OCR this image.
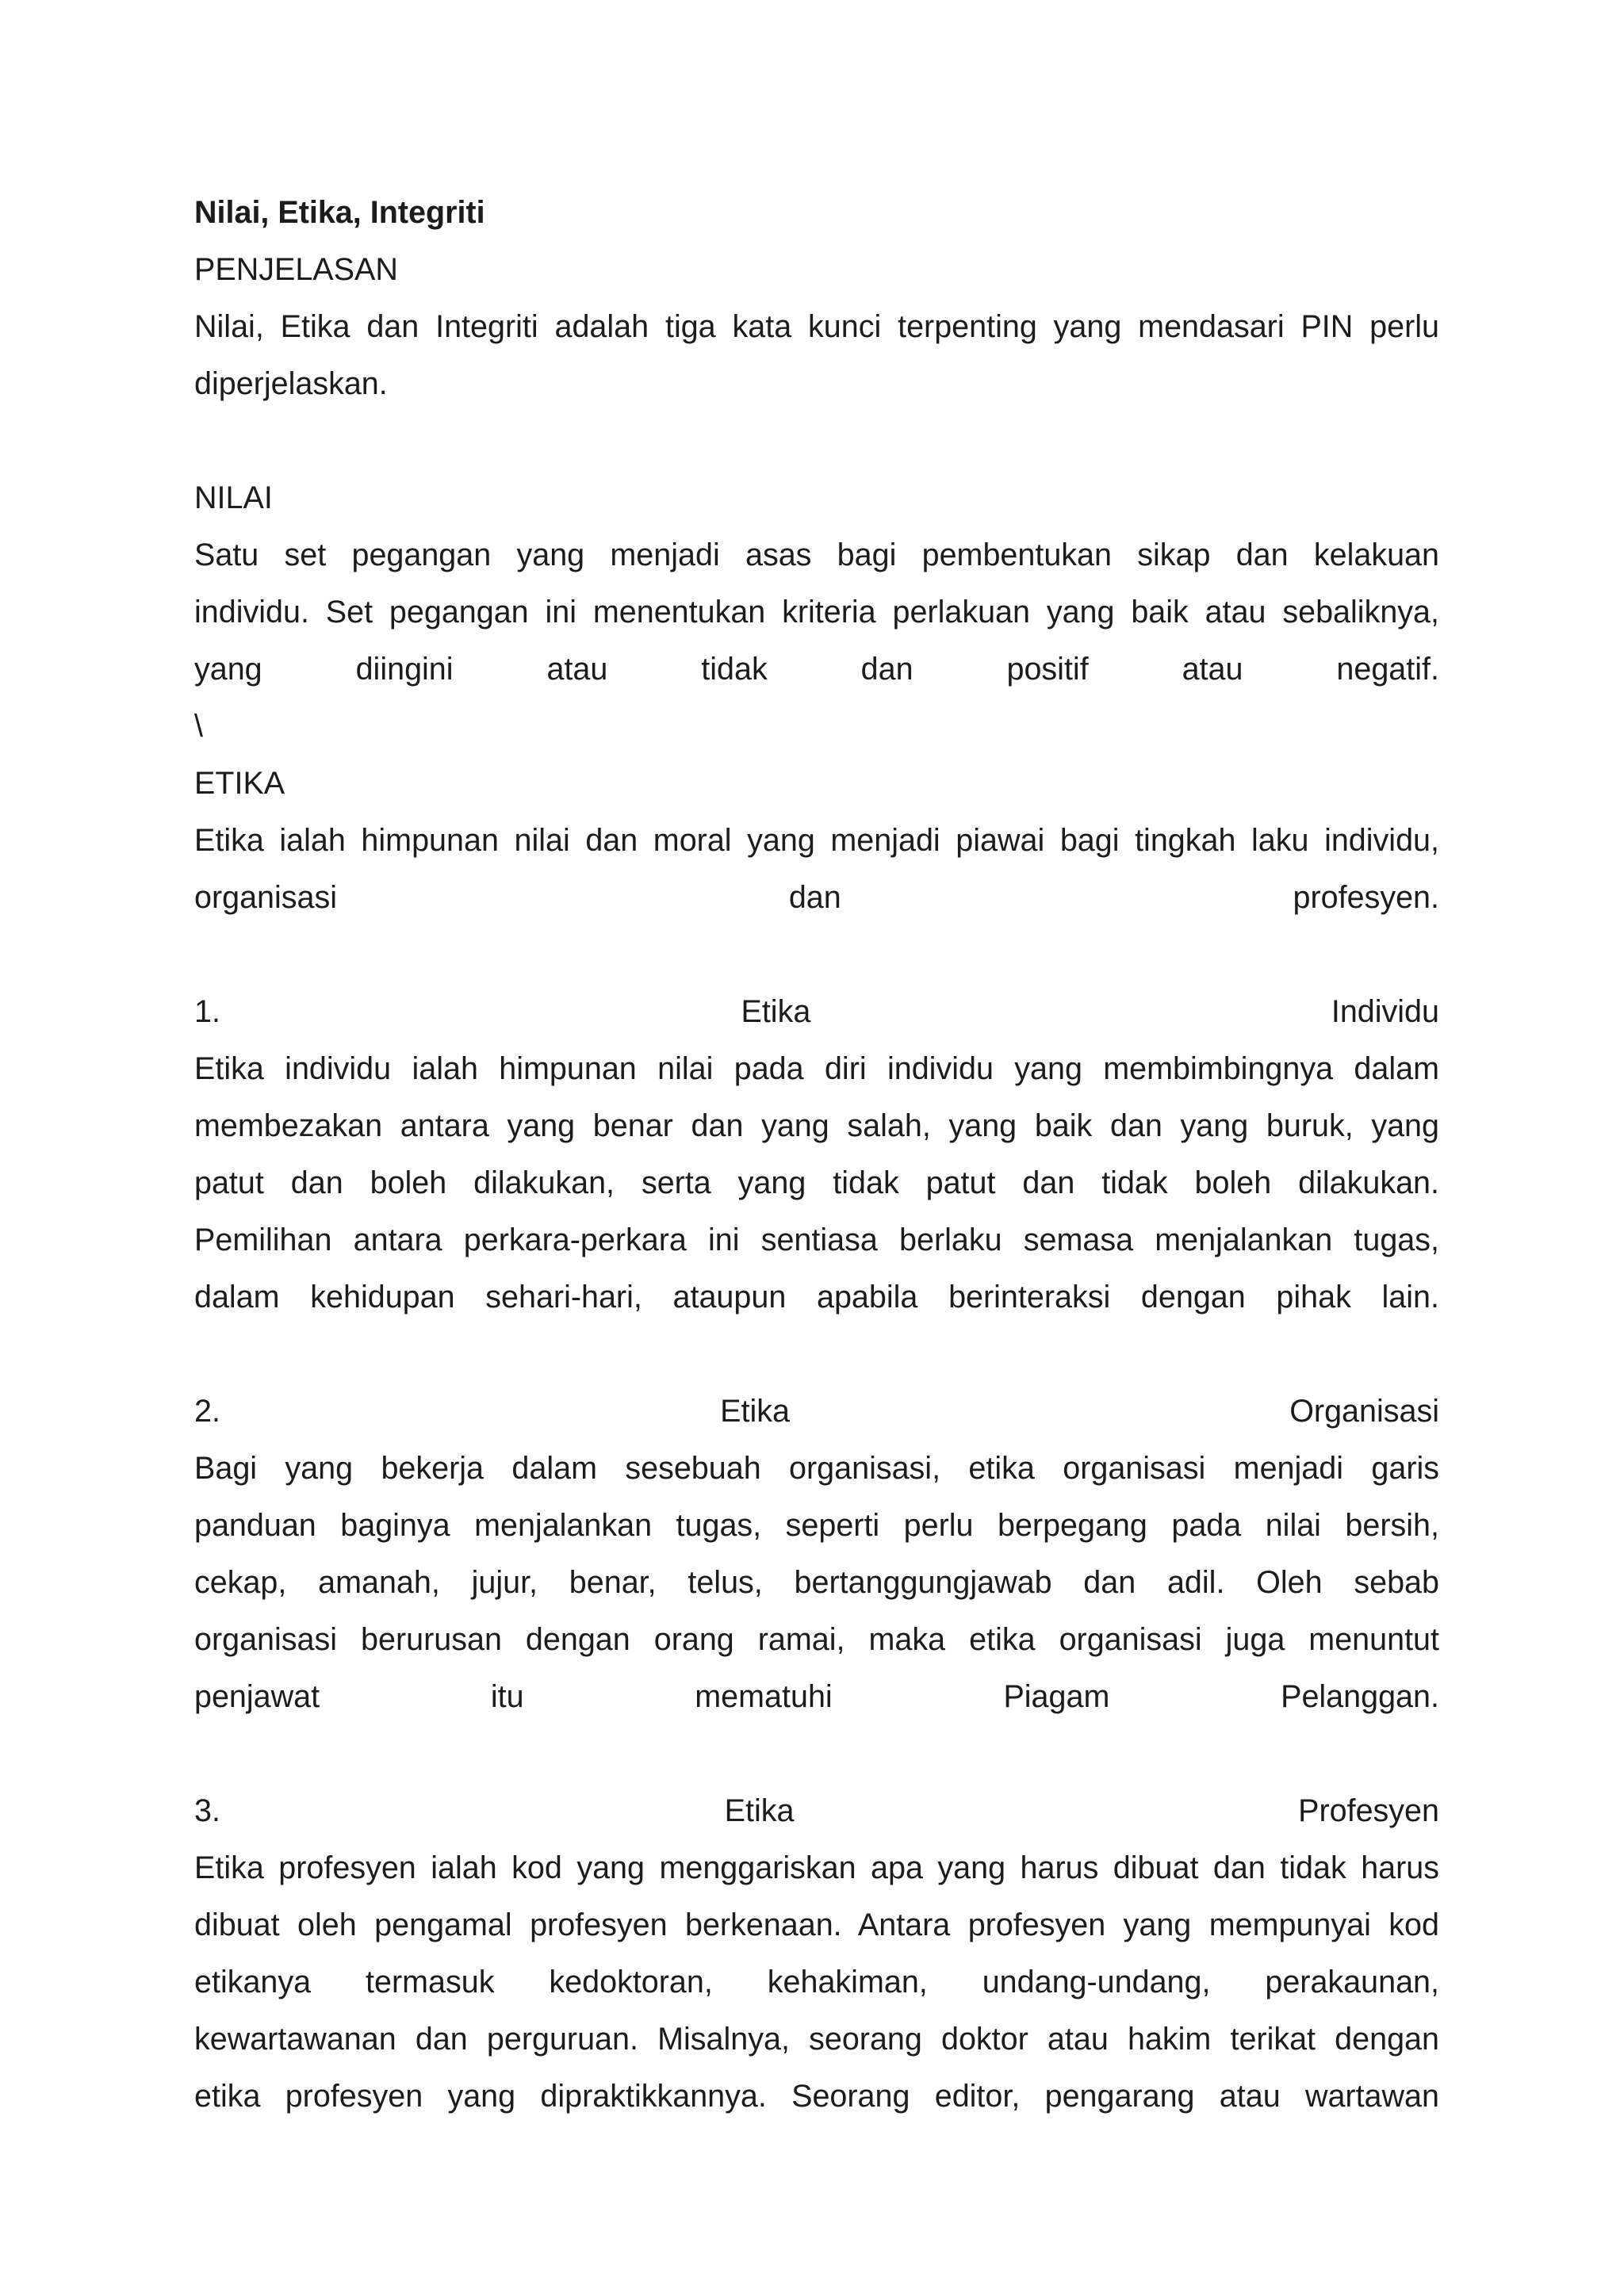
Nilai, Etika, Integriti
PENJELASAN
Nilai, Etika dan Integriti adalah tiga kata kunci terpenting yang mendasari PIN perlu
diperjelaskan.
NILAI
Satu set pegangan yang menjadi asas bagi pembentukan sikap dan kelakuan
individu. Set pegangan ini menentukan kriteria perlakuan yang baik atau sebaliknya,
yang	diingini	atau	tidak	dan	positif	atau	negatif.
\
ETIKA
Etika ialah himpunan nilai dan moral yang menjadi piawai bagi tingkah laku individu,
organisasi	dan	profesyen.
1.	Etika	Individu
Etika individu ialah himpunan nilai pada diri individu yang membimbingnya dalam
membezakan antara yang benar dan yang salah, yang baik dan yang buruk, yang
patut dan boleh dilakukan, serta yang tidak patut dan tidak boleh dilakukan.
Pemilihan antara perkara-perkara ini sentiasa berlaku semasa menjalankan tugas,
dalam kehidupan sehari-hari, ataupun apabila berinteraksi dengan pihak lain.
2.	Etika	Organisasi
Bagi yang bekerja dalam sesebuah organisasi, etika organisasi menjadi garis
panduan baginya menjalankan tugas, seperti perlu berpegang pada nilai bersih,
cekap, amanah, jujur, benar, telus, bertanggungjawab dan adil. Oleh sebab
organisasi berurusan dengan orang ramai, maka etika organisasi juga menuntut
penjawat	itu	mematuhi	Piagam	Pelanggan.
3.	Etika	Profesyen
Etika profesyen ialah kod yang menggariskan apa yang harus dibuat dan tidak harus
dibuat oleh pengamal profesyen berkenaan. Antara profesyen yang mempunyai kod
etikanya termasuk kedoktoran, kehakiman, undang-undang, perakaunan,
kewartawanan dan perguruan. Misalnya, seorang doktor atau hakim terikat dengan
etika profesyen yang dipraktikkannya. Seorang editor, pengarang atau wartawan
